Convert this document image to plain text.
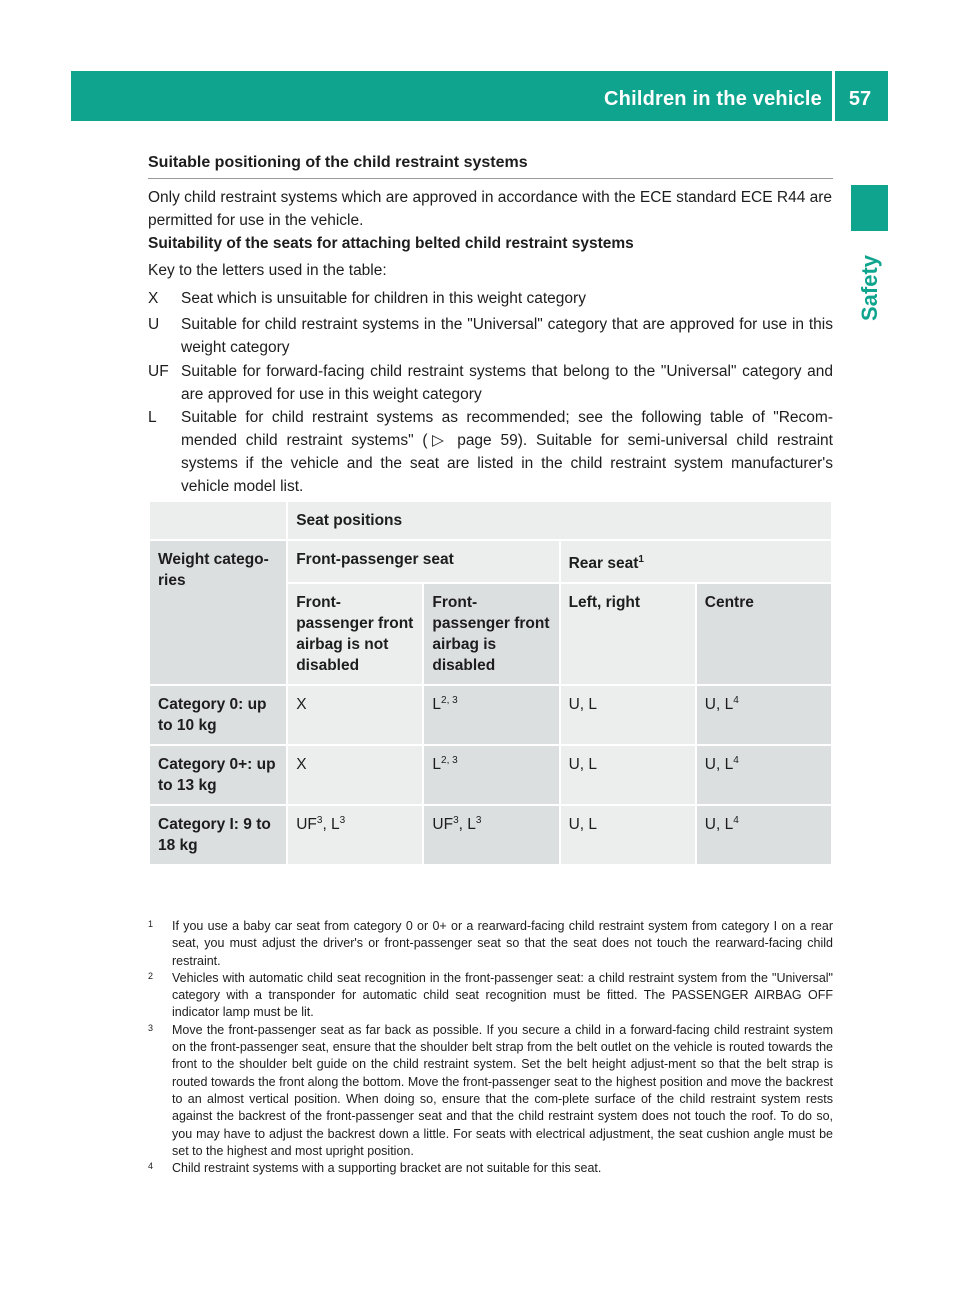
Children in the vehicle	57
Safety
Suitable positioning of the child restraint systems
Only child restraint systems which are approved in accordance with the ECE standard ECE R44 are permitted for use in the vehicle.
Suitability of the seats for attaching belted child restraint systems
Key to the letters used in the table:
X Seat which is unsuitable for children in this weight category
U Suitable for child restraint systems in the "Universal" category that are approved for use in this weight category
UF Suitable for forward-facing child restraint systems that belong to the "Universal" category and are approved for use in this weight category
L Suitable for child restraint systems as recommended; see the following table of "Recom-mended child restraint systems" (▷ page 59). Suitable for semi-universal child restraint systems if the vehicle and the seat are listed in the child restraint system manufacturer's vehicle model list.
	Seat positions			
Weight catego-ries	Front-passenger seat		Rear seat$^1$
	Front-passenger front airbag is not disabled	Front-passenger front airbag is disabled	Left, right	Centre
Category 0: up to 10 kg	X	L$^{2, 3}$	U, L	U, $L^4$
Category 0+: up to 13 kg	X	L$^{2, 3}$	U, L	U, $L^4$
Category I: 9 to 18 kg	$UF^3$, $L^3$	$UF^3$, $L^3$	U, L	U, $L^4$
1 If you use a baby car seat from category 0 or 0+ or a rearward-facing child restraint system from category I on a rear seat, you must adjust the driver's or front-passenger seat so that the seat does not touch the rearward-facing child restraint.
2 Vehicles with automatic child seat recognition in the front-passenger seat: a child restraint system from the "Universal" category with a transponder for automatic child seat recognition must be fitted. The PASSENGER AIRBAG OFF indicator lamp must be lit.
3 Move the front-passenger seat as far back as possible. If you secure a child in a forward-facing child restraint system on the front-passenger seat, ensure that the shoulder belt strap from the belt outlet on the vehicle is routed towards the front to the shoulder belt guide on the child restraint system. Set the belt height adjust-ment so that the belt strap is routed towards the front along the bottom. Move the front-passenger seat to the highest position and move the backrest to an almost vertical position. When doing so, ensure that the com-plete surface of the child restraint system rests against the backrest of the front-passenger seat and that the child restraint system does not touch the roof. To do so, you may have to adjust the backrest down a little. For seats with electrical adjustment, the seat cushion angle must be set to the highest and most upright position.
4 Child restraint systems with a supporting bracket are not suitable for this seat.
